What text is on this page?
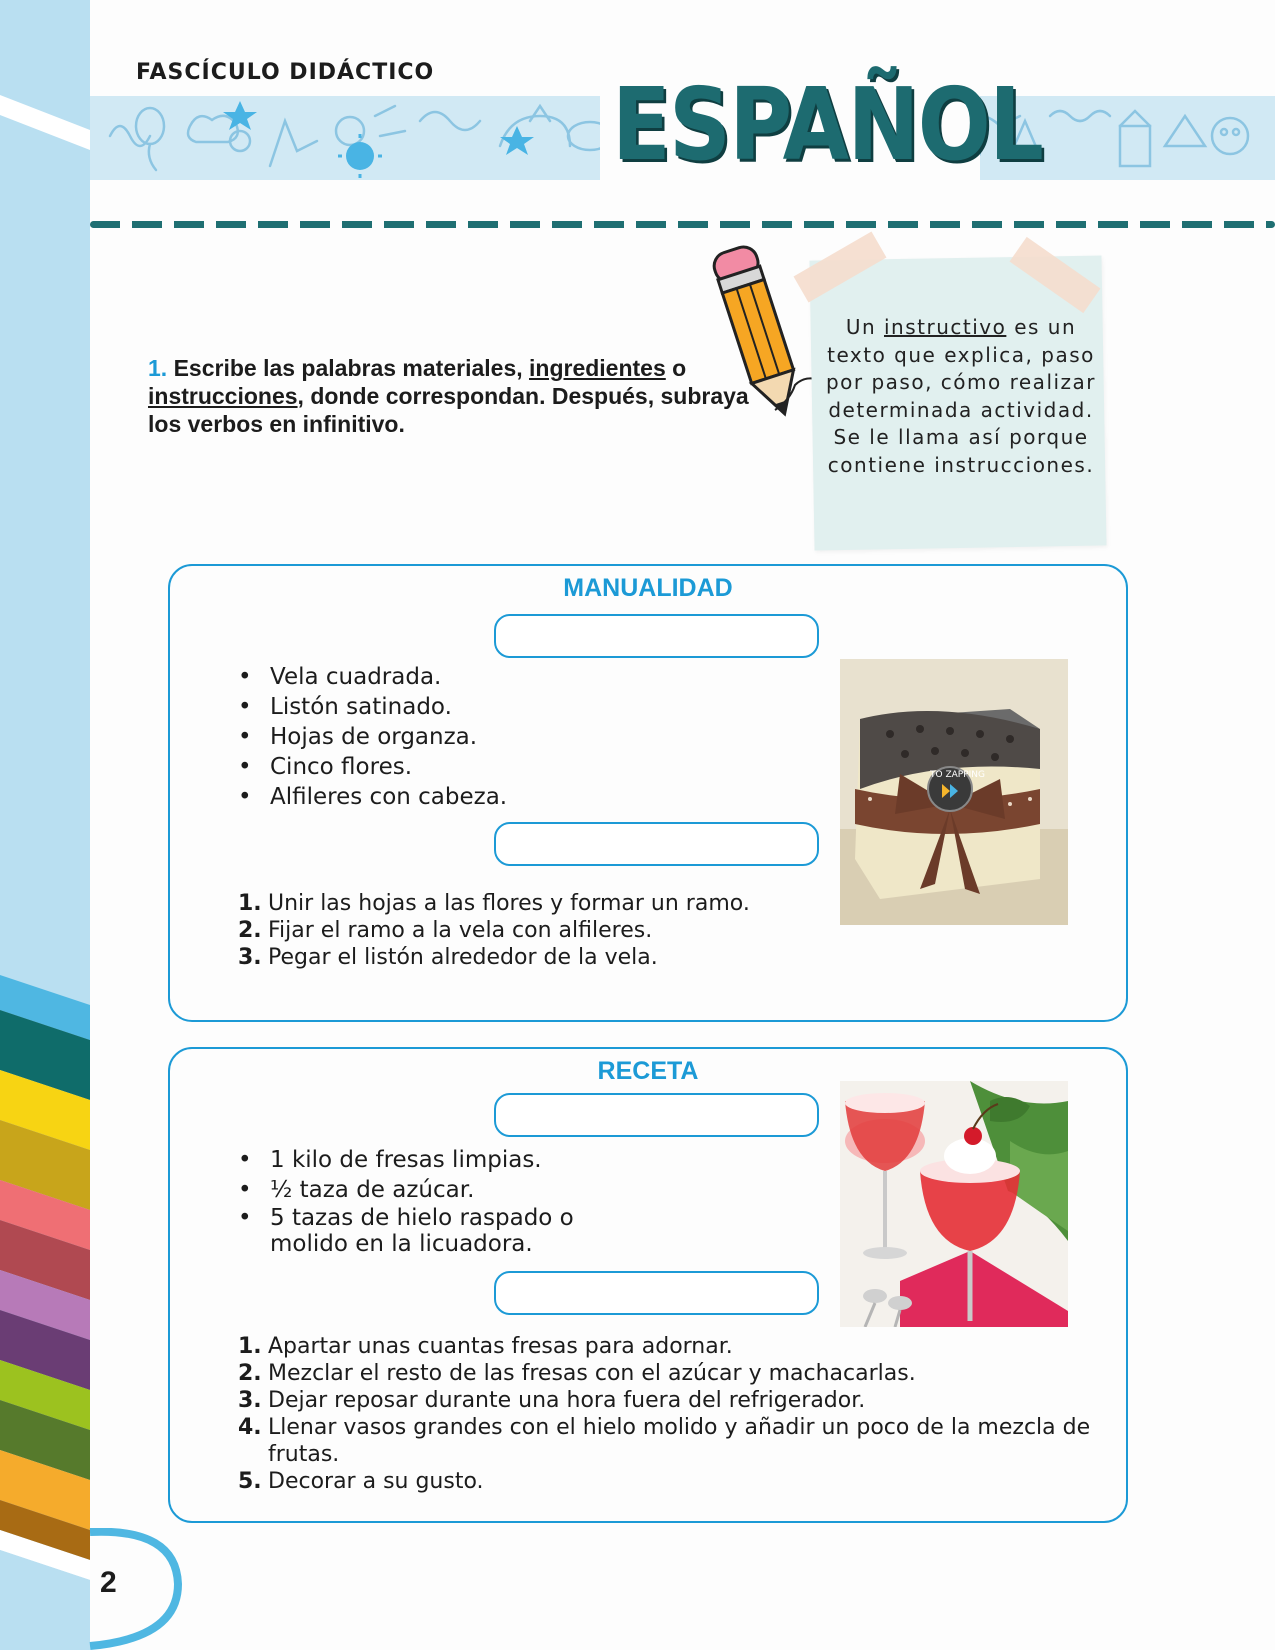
2
FASCÍCULO DIDÁCTICO ESPAÑOL
1. Escribe las palabras materiales, ingredientes o instrucciones, donde correspondan. Después, subraya los verbos en infinitivo.
Un instructivo es un texto que explica, paso por paso, cómo realizar determinada actividad. Se le llama así porque contiene instrucciones.
MANUALIDAD
• Vela cuadrada.
• Listón satinado.
• Hojas de organza.
• Cinco flores.
• Alfileres con cabeza.
1. Unir las hojas a las flores y formar un ramo.
2. Fijar el ramo a la vela con alfileres.
3. Pegar el listón alrededor de la vela.
TO ZAPPING
RECETA
• 1 kilo de fresas limpias.
• ½ taza de azúcar.
• 5 tazas de hielo raspado o molido en la licuadora.
1. Apartar unas cuantas fresas para adornar.
2. Mezclar el resto de las fresas con el azúcar y machacarlas.
3. Dejar reposar durante una hora fuera del refrigerador.
4. Llenar vasos grandes con el hielo molido y añadir un poco de la mezcla de frutas.
5. Decorar a su gusto.
